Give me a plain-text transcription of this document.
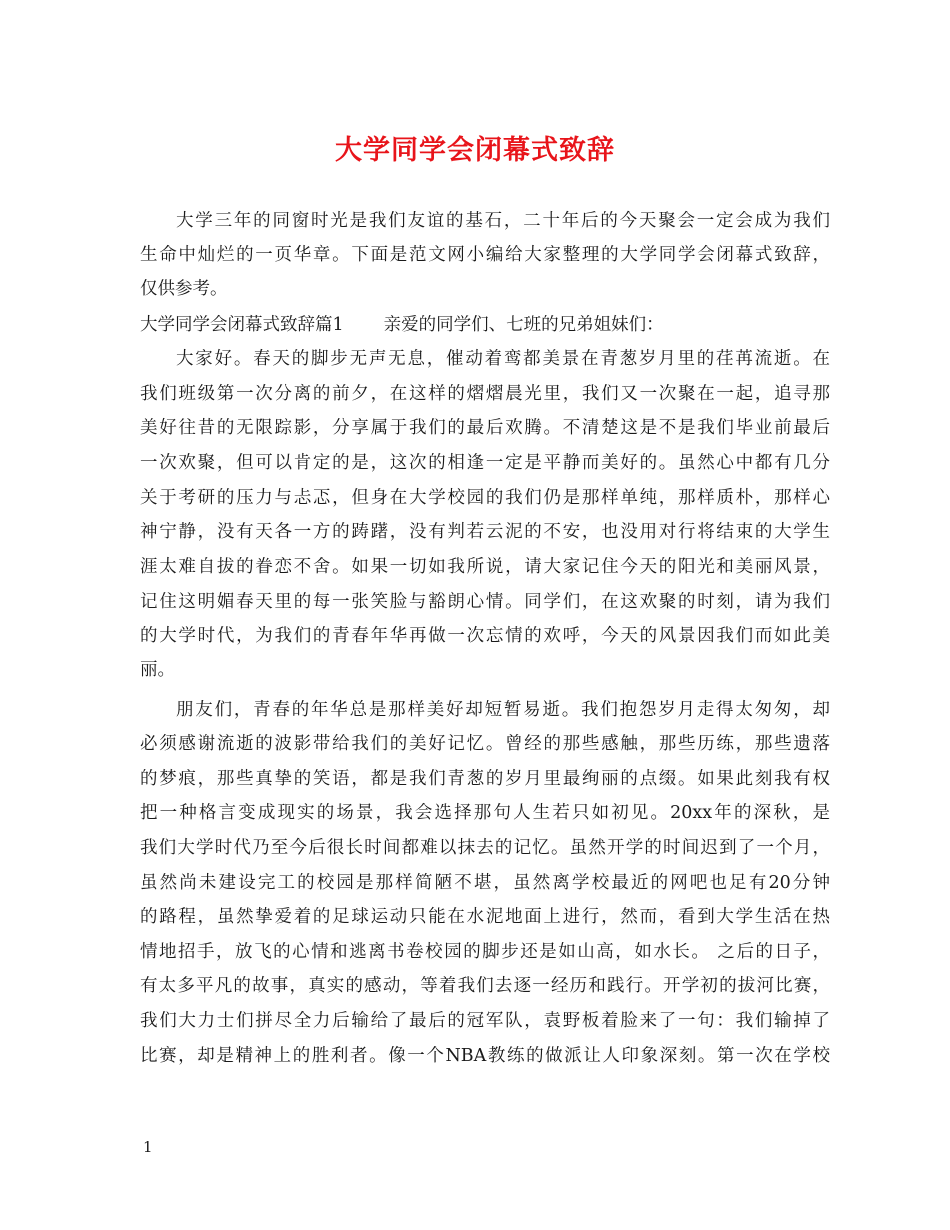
大学同学会闭幕式致辞
大学三年的同窗时光是我们友谊的基石，二十年后的今天聚会一定会成为我们
生命中灿烂的一页华章。下面是范文网小编给大家整理的大学同学会闭幕式致辞，
仅供参考。
大学同学会闭幕式致辞篇1 亲爱的同学们、七班的兄弟姐妹们：
大家好。春天的脚步无声无息，催动着鸾都美景在青葱岁月里的荏苒流逝。在
我们班级第一次分离的前夕，在这样的熠熠晨光里，我们又一次聚在一起，追寻那
美好往昔的无限踪影，分享属于我们的最后欢腾。不清楚这是不是我们毕业前最后
一次欢聚，但可以肯定的是，这次的相逢一定是平静而美好的。虽然心中都有几分
关于考研的压力与忐忑，但身在大学校园的我们仍是那样单纯，那样质朴，那样心
神宁静，没有天各一方的踌躇，没有判若云泥的不安，也没用对行将结束的大学生
涯太难自拔的眷恋不舍。如果一切如我所说，请大家记住今天的阳光和美丽风景，
记住这明媚春天里的每一张笑脸与豁朗心情。同学们，在这欢聚的时刻，请为我们
的大学时代，为我们的青春年华再做一次忘情的欢呼，今天的风景因我们而如此美
丽。
朋友们，青春的年华总是那样美好却短暂易逝。我们抱怨岁月走得太匆匆，却
必须感谢流逝的波影带给我们的美好记忆。曾经的那些感触，那些历练，那些遗落
的梦痕，那些真挚的笑语，都是我们青葱的岁月里最绚丽的点缀。如果此刻我有权
把一种格言变成现实的场景，我会选择那句人生若只如初见。20xx年的深秋，是
我们大学时代乃至今后很长时间都难以抹去的记忆。虽然开学的时间迟到了一个月，
虽然尚未建设完工的校园是那样简陋不堪，虽然离学校最近的网吧也足有20分钟
的路程，虽然挚爱着的足球运动只能在水泥地面上进行，然而，看到大学生活在热
情地招手，放飞的心情和逃离书卷校园的脚步还是如山高，如水长。 之后的日子，
有太多平凡的故事，真实的感动，等着我们去逐一经历和践行。开学初的拔河比赛，
我们大力士们拼尽全力后输给了最后的冠军队，袁野板着脸来了一句：我们输掉了
比赛，却是精神上的胜利者。像一个NBA教练的做派让人印象深刻。第一次在学校
1
